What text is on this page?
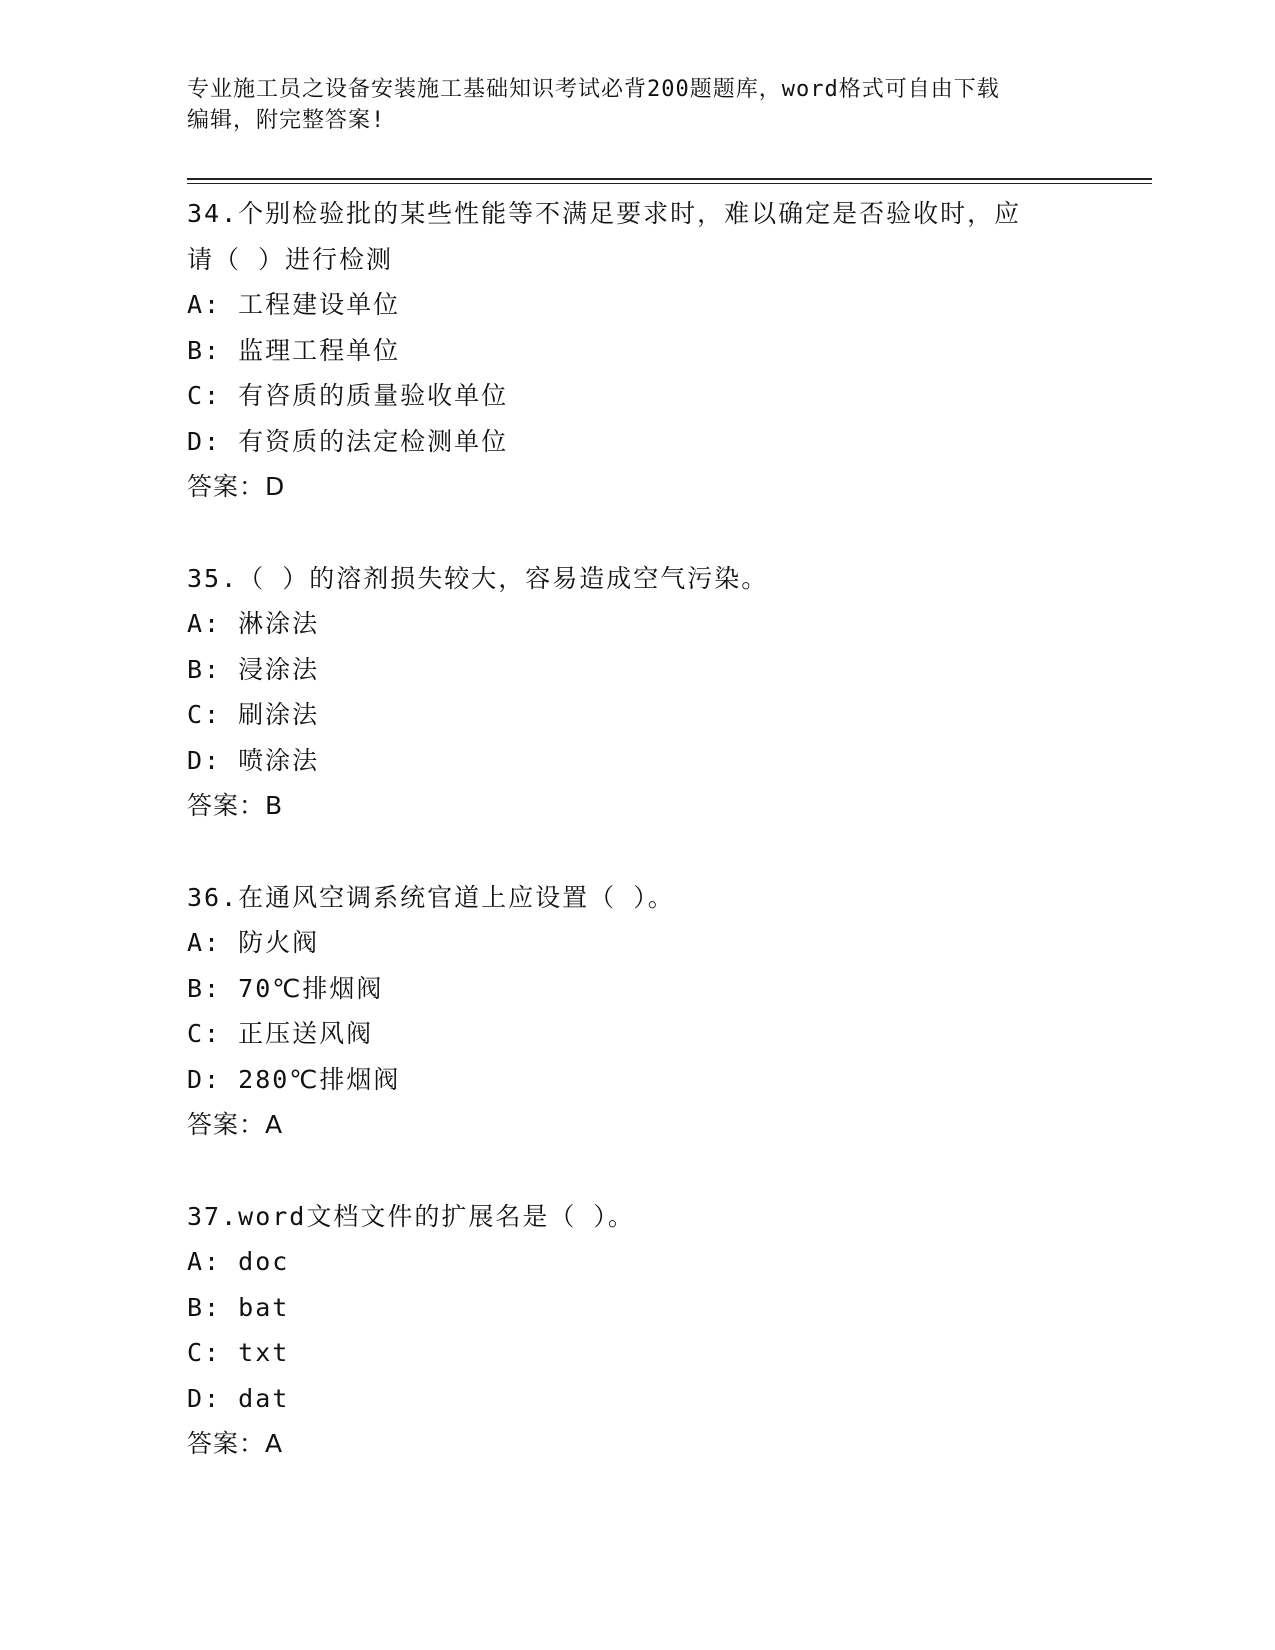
专业施工员之设备安装施工基础知识考试必背200题题库，word格式可自由下载
编辑，附完整答案!
34.个别检验批的某些性能等不满足要求时，难以确定是否验收时，应
请（ ）进行检测
A: 工程建设单位
B: 监理工程单位
C: 有咨质的质量验收单位
D: 有资质的法定检测单位
答案：D
35.（ ）的溶剂损失较大，容易造成空气污染。
A: 淋涂法
B: 浸涂法
C: 刷涂法
D: 喷涂法
答案：B
36.在通风空调系统官道上应设置（ ）。
A: 防火阀
B: 70℃排烟阀
C: 正压送风阀
D: 280℃排烟阀
答案：A
37.word文档文件的扩展名是（ ）。
A: doc
B: bat
C: txt
D: dat
答案：A
